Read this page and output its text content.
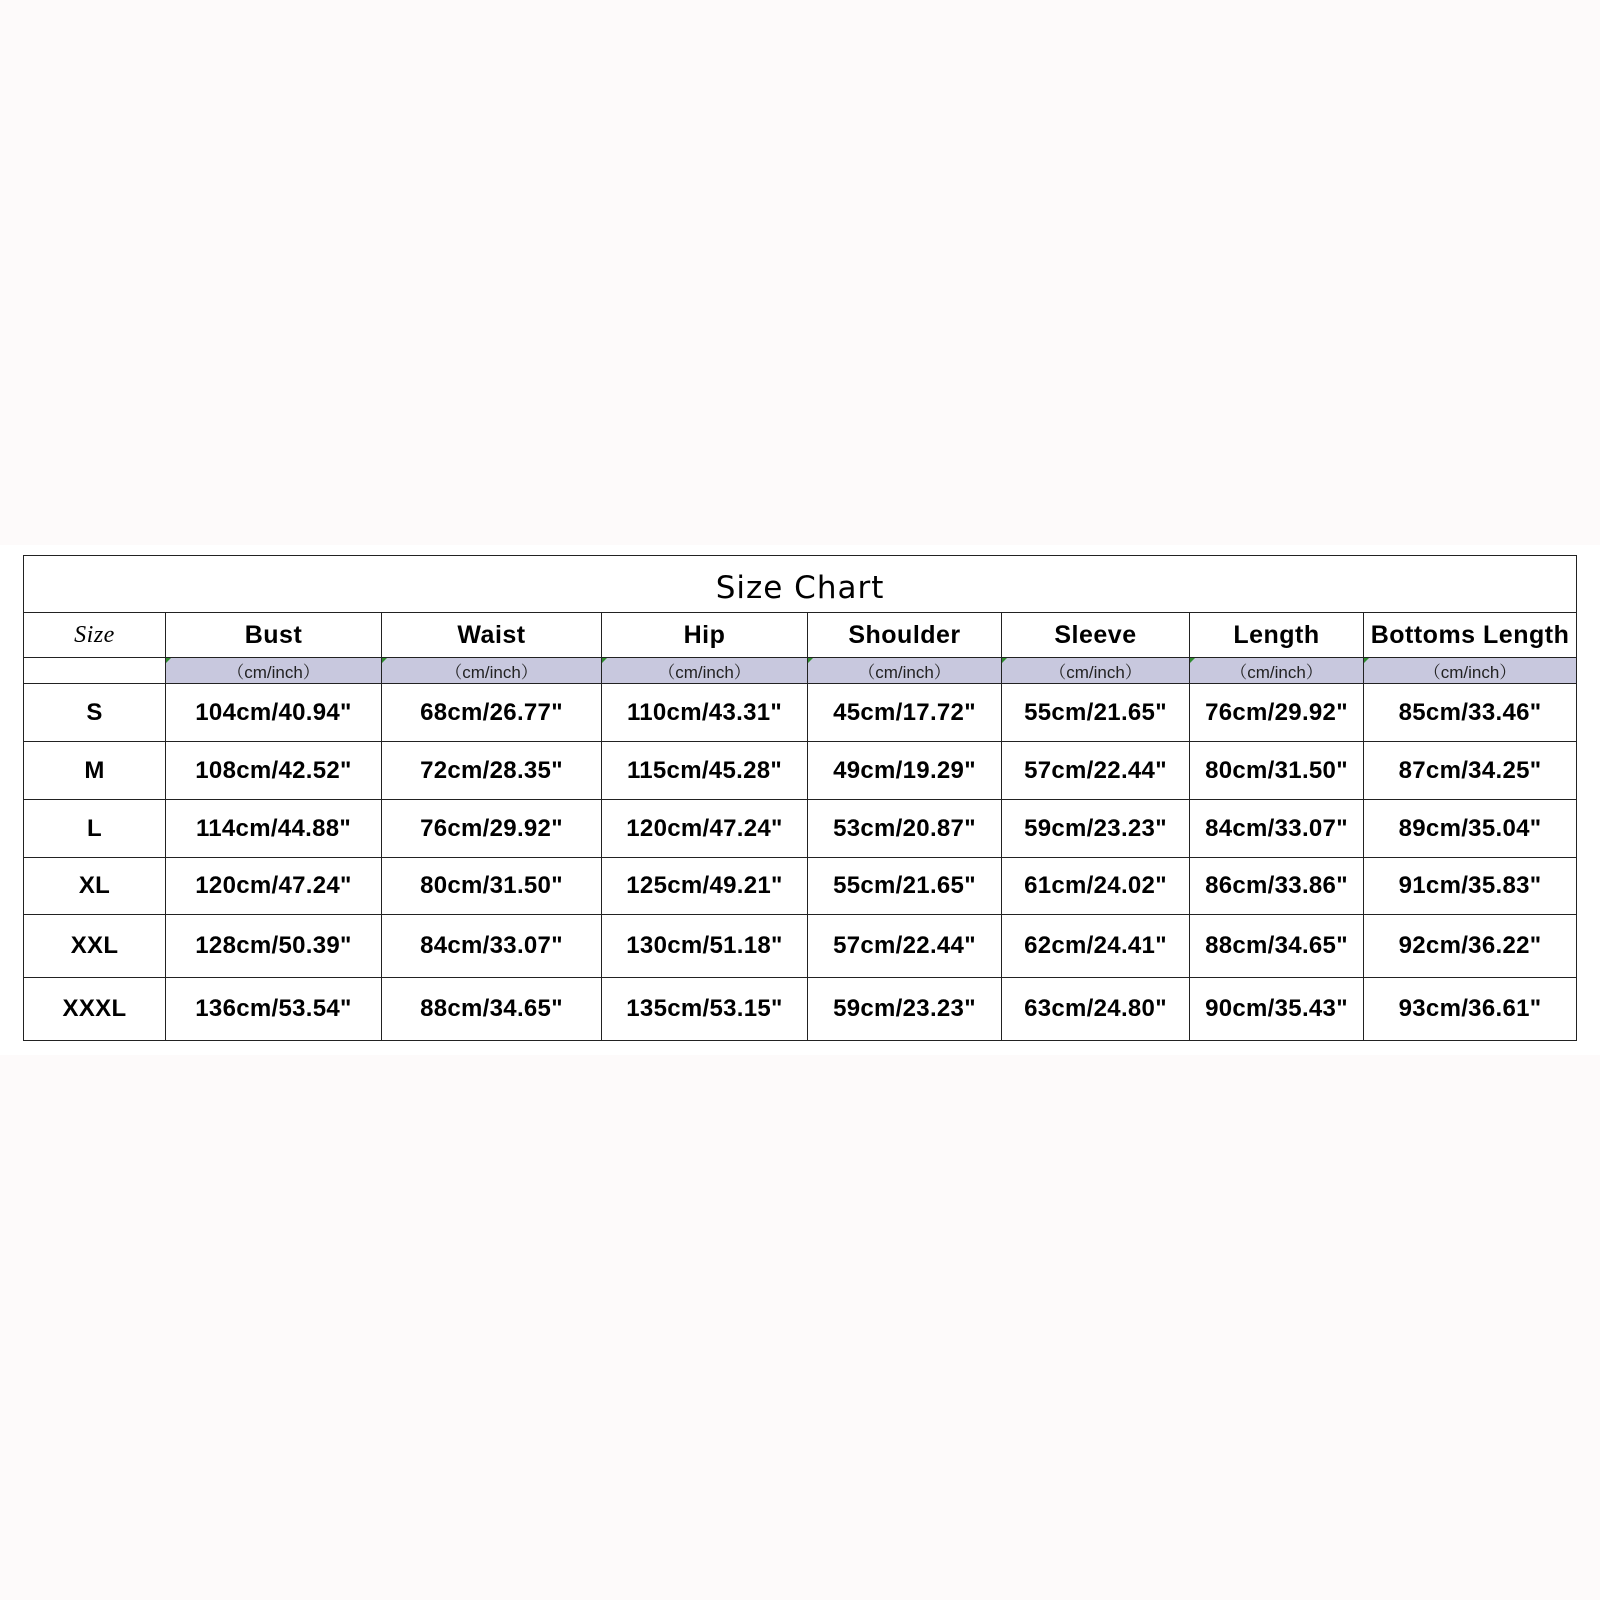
Size Chart							
Size	Bust	Waist	Hip	Shoulder	Sleeve	Length	Bottoms Length
	（cm/inch）	（cm/inch）	（cm/inch）	（cm/inch）	（cm/inch）	（cm/inch）	（cm/inch）
S	104cm/40.94"	68cm/26.77"	110cm/43.31"	45cm/17.72"	55cm/21.65"	76cm/29.92"	85cm/33.46"
M	108cm/42.52"	72cm/28.35"	115cm/45.28"	49cm/19.29"	57cm/22.44"	80cm/31.50"	87cm/34.25"
L	114cm/44.88"	76cm/29.92"	120cm/47.24"	53cm/20.87"	59cm/23.23"	84cm/33.07"	89cm/35.04"
XL	120cm/47.24"	80cm/31.50"	125cm/49.21"	55cm/21.65"	61cm/24.02"	86cm/33.86"	91cm/35.83"
XXL	128cm/50.39"	84cm/33.07"	130cm/51.18"	57cm/22.44"	62cm/24.41"	88cm/34.65"	92cm/36.22"
XXXL	136cm/53.54"	88cm/34.65"	135cm/53.15"	59cm/23.23"	63cm/24.80"	90cm/35.43"	93cm/36.61"
